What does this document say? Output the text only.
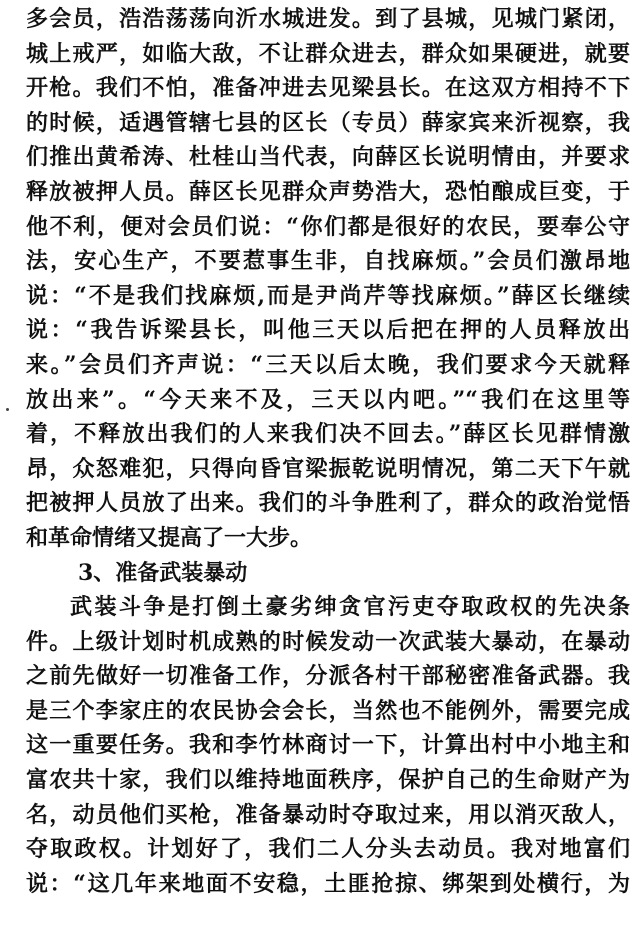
多会员，浩浩荡荡向沂水城进发。到了县城，见城门紧闭，
城上戒严，如临大敌，不让群众进去，群众如果硬进，就要
开枪。我们不怕，准备冲进去见梁县长。在这双方相持不下
的时候，适遇管辖七县的区长（专员）薛家宾来沂视察，我
们推出黄希涛、杜桂山当代表，向薛区长说明情由，并要求
释放被押人员。薛区长见群众声势浩大，恐怕酿成巨变，于
他不利，便对会员们说：“你们都是很好的农民，要奉公守
法，安心生产，不要惹事生非，自找麻烦。”会员们激昂地
说：“不是我们找麻烦,而是尹尚芹等找麻烦。”薛区长继续
说：“我告诉梁县长，叫他三天以后把在押的人员释放出
来。”会员们齐声说：“三天以后太晚，我们要求今天就释
放出来”。“今天来不及，三天以内吧。”“我们在这里等
着，不释放出我们的人来我们决不回去。”薛区长见群情激
昂，众怒难犯，只得向昏官梁振乾说明情况，第二天下午就
把被押人员放了出来。我们的斗争胜利了，群众的政治觉悟
和革命情绪又提高了一大步。
3、准备武装暴动
武装斗争是打倒土豪劣绅贪官污吏夺取政权的先决条
件。上级计划时机成熟的时候发动一次武装大暴动，在暴动
之前先做好一切准备工作，分派各村干部秘密准备武器。我
是三个李家庄的农民协会会长，当然也不能例外，需要完成
这一重要任务。我和李竹林商讨一下，计算出村中小地主和
富农共十家，我们以维持地面秩序，保护自己的生命财产为
名，动员他们买枪，准备暴动时夺取过来，用以消灭敌人，
夺取政权。计划好了，我们二人分头去动员。我对地富们
说：“这几年来地面不安稳，土匪抢掠、绑架到处横行，为
